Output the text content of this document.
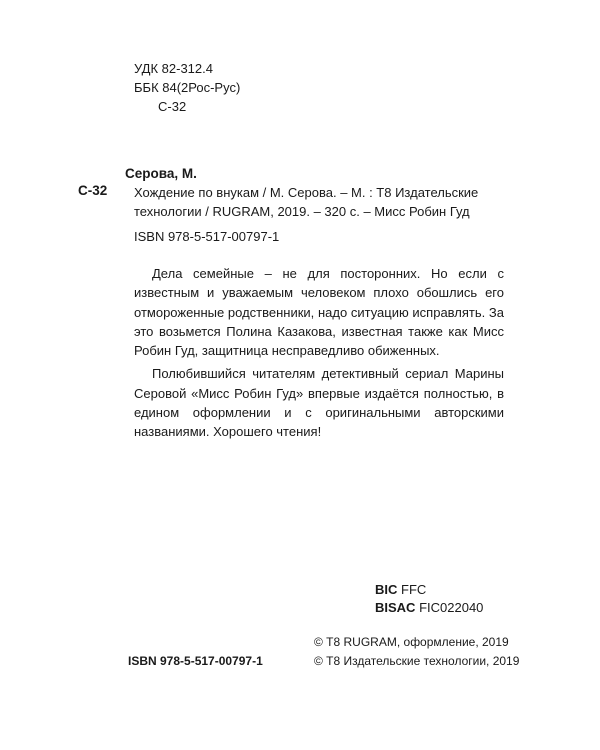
УДК 82-312.4
ББК 84(2Рос-Рус)
С-32
Серова, М.
С-32 Хождение по внукам / М. Серова. – М. : Т8 Издательские технологии / RUGRAM, 2019. – 320 с. – Мисс Робин Гуд
ISBN 978-5-517-00797-1

Дела семейные – не для посторонних. Но если с известным и уважаемым человеком плохо обошлись его отмороженные родственники, надо ситуацию исправлять. За это возьмется Полина Казакова, известная также как Мисс Робин Гуд, защитница несправедливо обиженных.

Полюбившийся читателям детективный сериал Марины Серовой «Мисс Робин Гуд» впервые издаётся полностью, в едином оформлении и с оригинальными авторскими названиями. Хорошего чтения!

BIC FFC
BISAC FIC022040
© Т8 RUGRAM, оформление, 2019
ISBN 978-5-517-00797-1	© Т8 Издательские технологии, 2019
